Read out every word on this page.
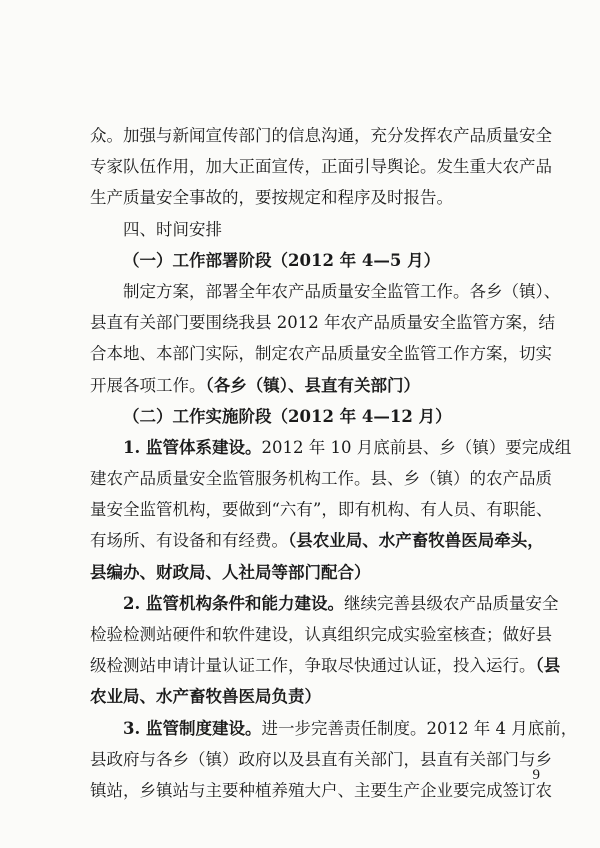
众。加强与新闻宣传部门的信息沟通，充分发挥农产品质量安全
专家队伍作用，加大正面宣传，正面引导舆论。发生重大农产品
生产质量安全事故的，要按规定和程序及时报告。
四、时间安排
（一）工作部署阶段（2012 年 4—5 月）
制定方案，部署全年农产品质量安全监管工作。各乡（镇）、
县直有关部门要围绕我县 2012 年农产品质量安全监管方案，结
合本地、本部门实际，制定农产品质量安全监管工作方案，切实
开展各项工作。（各乡（镇）、县直有关部门）
（二）工作实施阶段（2012 年 4—12 月）
1. 监管体系建设。2012 年 10 月底前县、乡（镇）要完成组
建农产品质量安全监管服务机构工作。县、乡（镇）的农产品质
量安全监管机构，要做到“六有”，即有机构、有人员、有职能、
有场所、有设备和有经费。（县农业局、水产畜牧兽医局牵头，
县编办、财政局、人社局等部门配合）
2. 监管机构条件和能力建设。继续完善县级农产品质量安全
检验检测站硬件和软件建设，认真组织完成实验室核查；做好县
级检测站申请计量认证工作，争取尽快通过认证，投入运行。（县
农业局、水产畜牧兽医局负责）
3. 监管制度建设。进一步完善责任制度。2012 年 4 月底前，
县政府与各乡（镇）政府以及县直有关部门，县直有关部门与乡
镇站，乡镇站与主要种植养殖大户、主要生产企业要完成签订农
9
